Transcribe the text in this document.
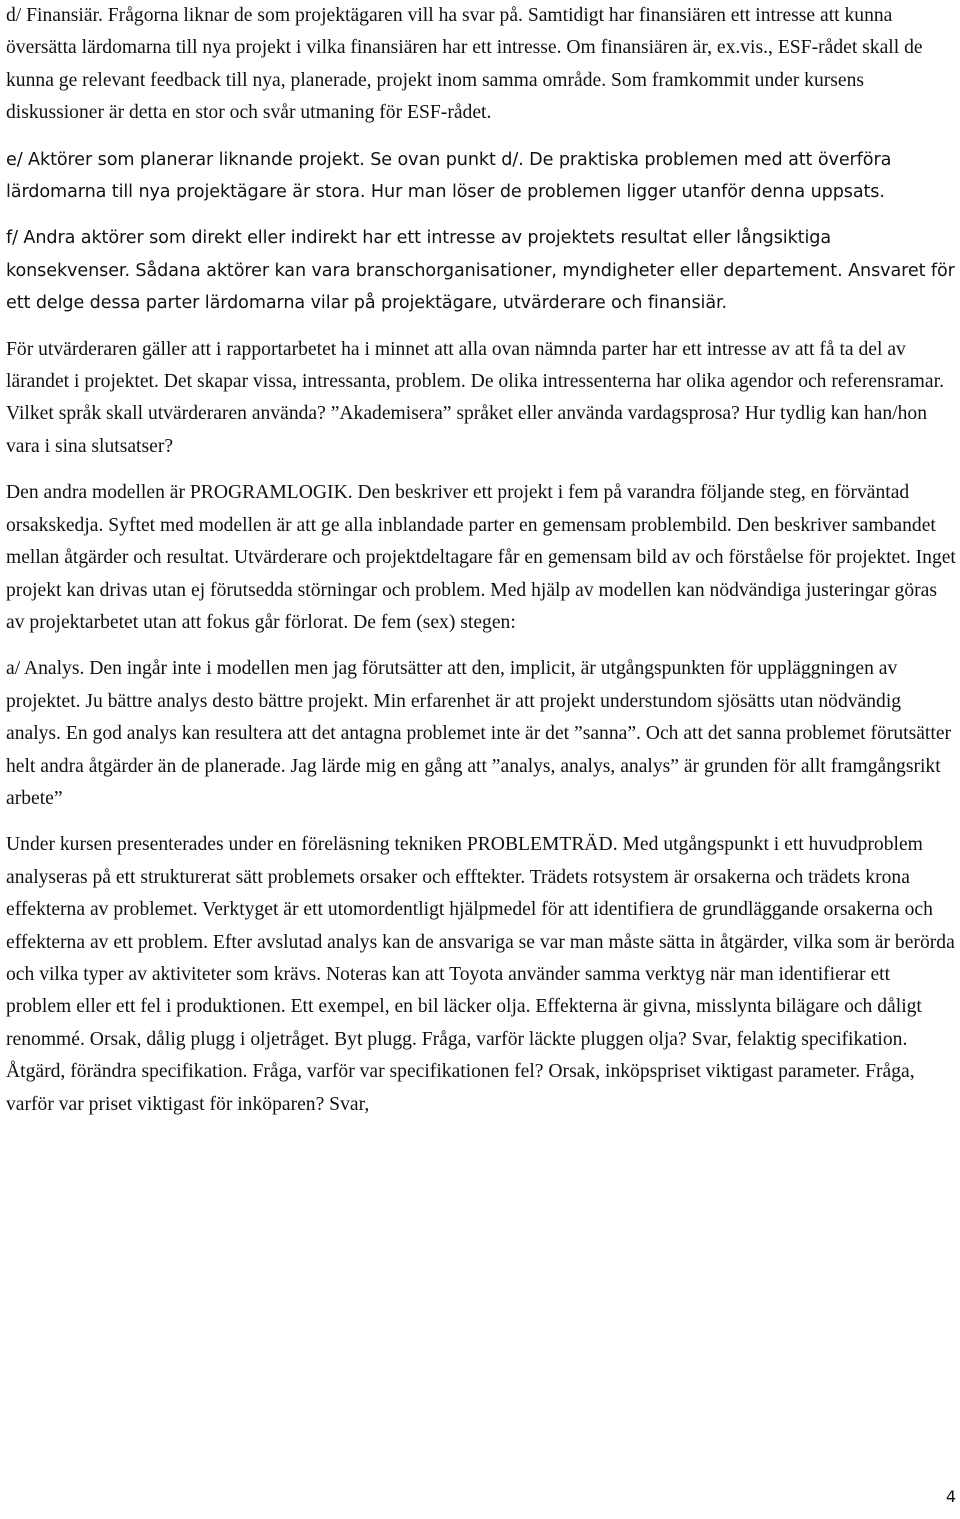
d/ Finansiär. Frågorna liknar de som projektägaren vill ha svar på. Samtidigt har finansiären ett intresse att kunna översätta lärdomarna till nya projekt i vilka finansiären har ett intresse. Om finansiären är, ex.vis., ESF-rådet skall de kunna ge relevant feedback till nya, planerade, projekt inom samma område. Som framkommit under kursens diskussioner är detta en stor och svår utmaning för ESF-rådet.

e/ Aktörer som planerar liknande projekt. Se ovan punkt d/. De praktiska problemen med att överföra lärdomarna till nya projektägare är stora. Hur man löser de problemen ligger utanför denna uppsats.

f/ Andra aktörer som direkt eller indirekt har ett intresse av projektets resultat eller långsiktiga konsekvenser. Sådana aktörer kan vara branschorganisationer, myndigheter eller departement. Ansvaret för ett delge dessa parter lärdomarna vilar på projektägare, utvärderare och finansiär.

För utvärderaren gäller att i rapportarbetet ha i minnet att alla ovan nämnda parter har ett intresse av att få ta del av lärandet i projektet. Det skapar vissa, intressanta, problem. De olika intressenterna har olika agendor och referensramar. Vilket språk skall utvärderaren använda? ”Akademisera” språket eller använda vardagsprosa? Hur tydlig kan han/hon vara i sina slutsatser?

Den andra modellen är PROGRAMLOGIK. Den beskriver ett projekt i fem på varandra följande steg, en förväntad orsakskedja. Syftet med modellen är att ge alla inblandade parter en gemensam problembild. Den beskriver sambandet mellan åtgärder och resultat. Utvärderare och projektdeltagare får en gemensam bild av och förståelse för projektet. Inget projekt kan drivas utan ej förutsedda störningar och problem. Med hjälp av modellen kan nödvändiga justeringar göras av projektarbetet utan att fokus går förlorat. De fem (sex) stegen:

a/ Analys. Den ingår inte i modellen men jag förutsätter att den, implicit, är utgångspunkten för uppläggningen av projektet. Ju bättre analys desto bättre projekt. Min erfarenhet är att projekt understundom sjösätts utan nödvändig analys. En god analys kan resultera att det antagna problemet inte är det ”sanna”. Och att det sanna problemet förutsätter helt andra åtgärder än de planerade. Jag lärde mig en gång att ”analys, analys, analys” är grunden för allt framgångsrikt arbete”

Under kursen presenterades under en föreläsning tekniken PROBLEMTRÄD. Med utgångspunkt i ett huvudproblem analyseras på ett strukturerat sätt problemets orsaker och efftekter. Trädets rotsystem är orsakerna och trädets krona effekterna av problemet. Verktyget är ett utomordentligt hjälpmedel för att identifiera de grundläggande orsakerna och effekterna av ett problem. Efter avslutad analys kan de ansvariga se var man måste sätta in åtgärder, vilka som är berörda och vilka typer av aktiviteter som krävs. Noteras kan att Toyota använder samma verktyg när man identifierar ett problem eller ett fel i produktionen. Ett exempel, en bil läcker olja. Effekterna är givna, misslynta bilägare och dåligt renommé. Orsak, dålig plugg i oljetråget. Byt plugg. Fråga, varför läckte pluggen olja? Svar, felaktig specifikation. Åtgärd, förändra specifikation. Fråga, varför var specifikationen fel? Orsak, inköpspriset viktigast parameter. Fråga, varför var priset viktigast för inköparen? Svar,

4
